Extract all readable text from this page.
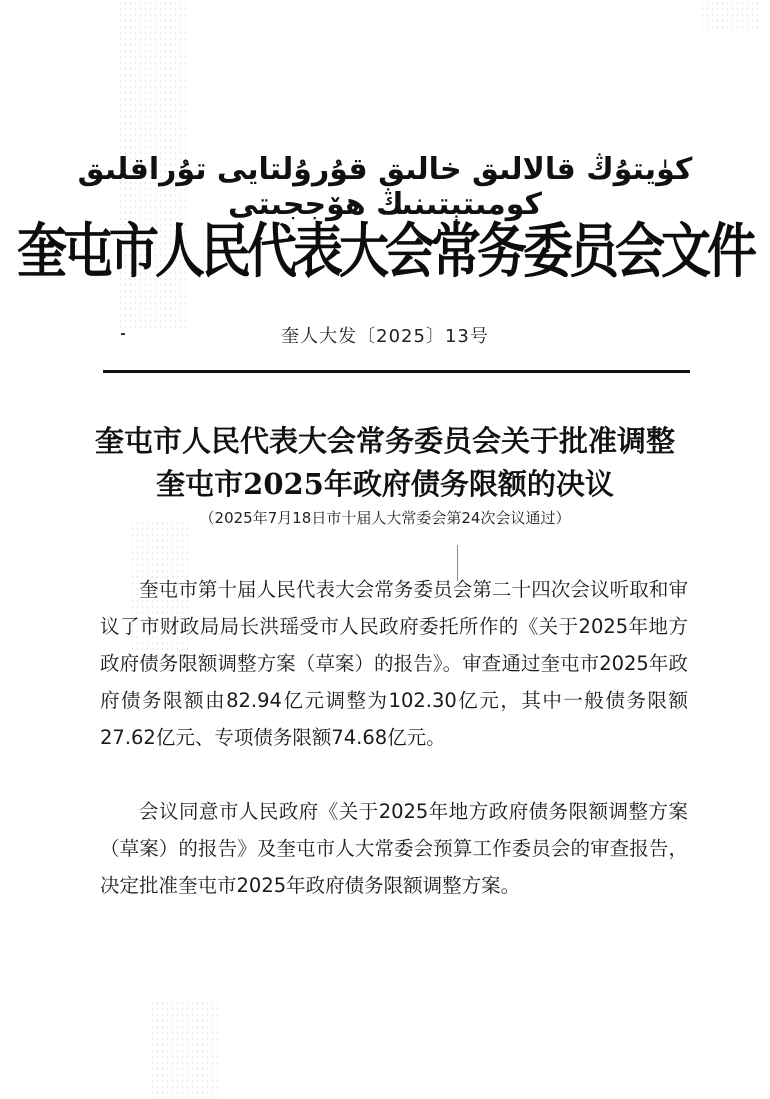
كۈيتۇڭ قالالىق خالىق قۇرۇلتايى تۇراقلىق كومىتېتىنىڭ ھۆججىتى
奎屯市人民代表大会常务委员会文件
奎人大发〔2025〕13号
奎屯市人民代表大会常务委员会关于批准调整
奎屯市2025年政府债务限额的决议
（2025年7月18日市十届人大常委会第24次会议通过）

奎屯市第十届人民代表大会常务委员会第二十四次会议听取和审议了市财政局局长洪瑶受市人民政府委托所作的《关于2025年地方政府债务限额调整方案（草案）的报告》。审查通过奎屯市2025年政府债务限额由82.94亿元调整为102.30亿元，其中一般债务限额27.62亿元、专项债务限额74.68亿元。

会议同意市人民政府《关于2025年地方政府债务限额调整方案（草案）的报告》及奎屯市人大常委会预算工作委员会的审查报告，决定批准奎屯市2025年政府债务限额调整方案。
